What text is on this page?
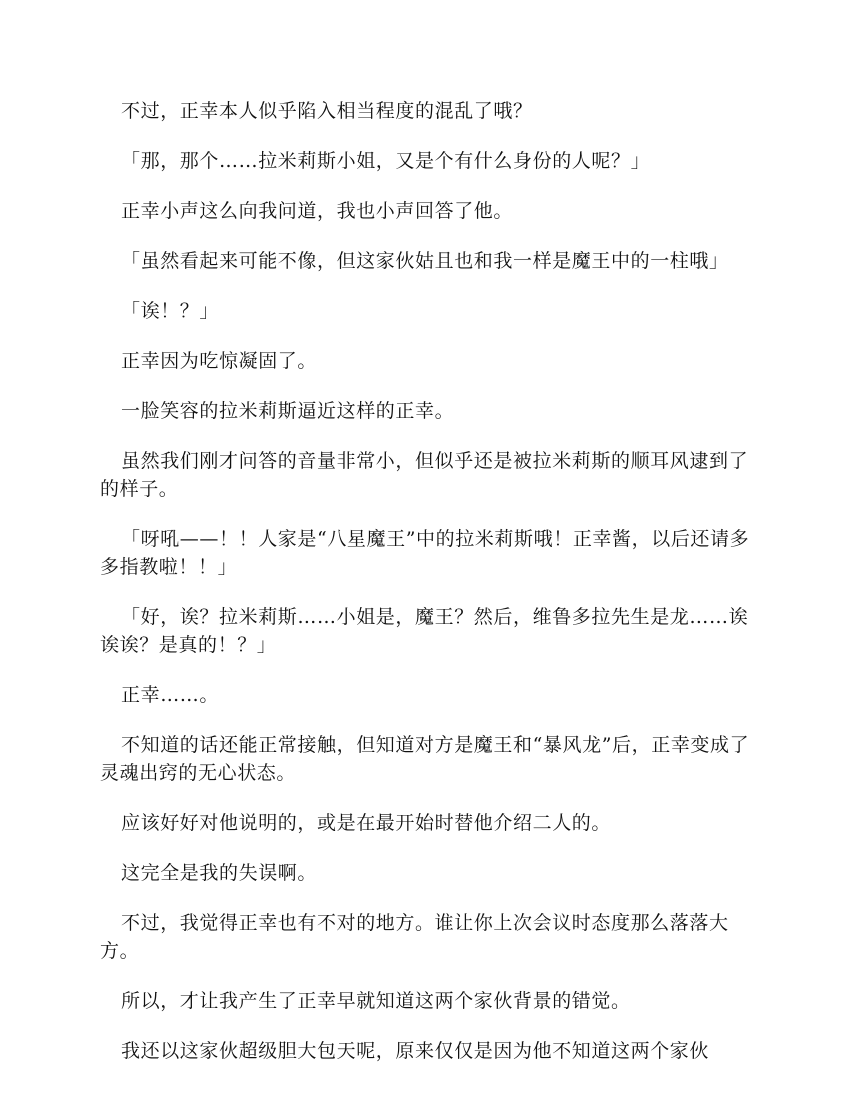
不过，正幸本人似乎陷入相当程度的混乱了哦？

「那，那个……拉米莉斯小姐，又是个有什么身份的人呢？」

正幸小声这么向我问道，我也小声回答了他。

「虽然看起来可能不像，但这家伙姑且也和我一样是魔王中的一柱哦」

「诶！？」

正幸因为吃惊凝固了。

一脸笑容的拉米莉斯逼近这样的正幸。

虽然我们刚才问答的音量非常小，但似乎还是被拉米莉斯的顺耳风逮到了的样子。

「呀吼——！！人家是“八星魔王”中的拉米莉斯哦！正幸酱，以后还请多多指教啦！！」

「好，诶？拉米莉斯……小姐是，魔王？然后，维鲁多拉先生是龙……诶诶诶？是真的！？」

正幸……。

不知道的话还能正常接触，但知道对方是魔王和“暴风龙”后，正幸变成了灵魂出窍的无心状态。

应该好好对他说明的，或是在最开始时替他介绍二人的。

这完全是我的失误啊。

不过，我觉得正幸也有不对的地方。谁让你上次会议时态度那么落落大方。

所以，才让我产生了正幸早就知道这两个家伙背景的错觉。

我还以这家伙超级胆大包天呢，原来仅仅是因为他不知道这两个家伙
